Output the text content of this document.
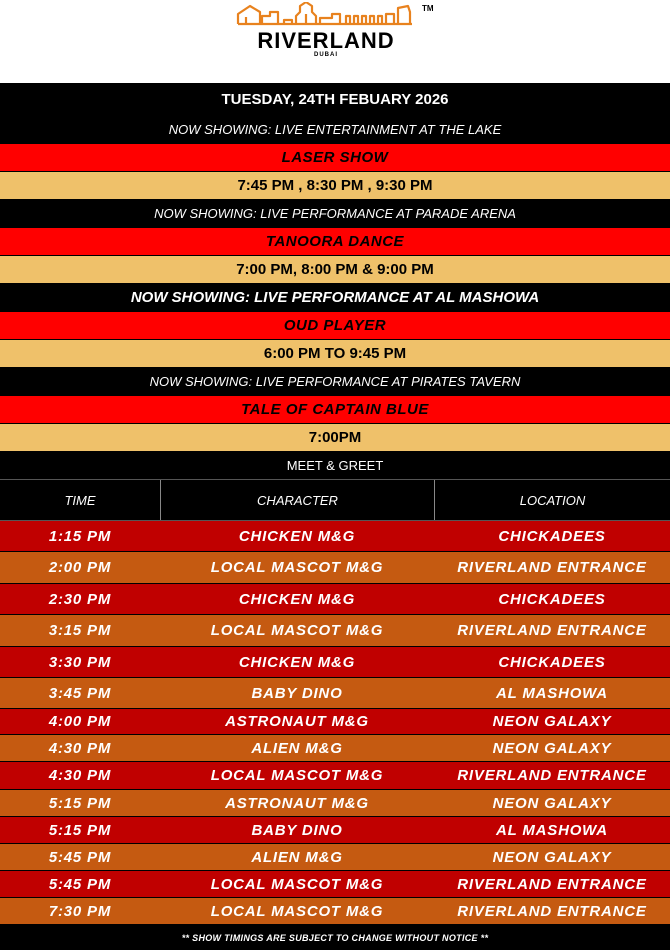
RIVERLAND
DUBAI
TM
TUESDAY, 24TH FEBUARY 2026
NOW SHOWING: LIVE ENTERTAINMENT AT THE LAKE
LASER SHOW
7:45 PM , 8:30 PM , 9:30 PM
NOW SHOWING: LIVE PERFORMANCE AT PARADE ARENA
TANOORA DANCE
7:00 PM, 8:00 PM & 9:00 PM
NOW SHOWING: LIVE PERFORMANCE AT AL MASHOWA
OUD PLAYER
6:00 PM TO 9:45 PM
NOW SHOWING: LIVE PERFORMANCE AT PIRATES TAVERN
TALE OF CAPTAIN BLUE
7:00PM
MEET & GREET
TIME	CHARACTER	LOCATION
1:15 PM	CHICKEN M&G	CHICKADEES
2:00 PM	LOCAL MASCOT M&G	RIVERLAND ENTRANCE
2:30 PM	CHICKEN M&G	CHICKADEES
3:15 PM	LOCAL MASCOT M&G	RIVERLAND ENTRANCE
3:30 PM	CHICKEN M&G	CHICKADEES
3:45 PM	BABY DINO	AL MASHOWA
4:00 PM	ASTRONAUT M&G	NEON GALAXY
4:30 PM	ALIEN M&G	NEON GALAXY
4:30 PM	LOCAL MASCOT M&G	RIVERLAND ENTRANCE
5:15 PM	ASTRONAUT M&G	NEON GALAXY
5:15 PM	BABY DINO	AL MASHOWA
5:45 PM	ALIEN M&G	NEON GALAXY
5:45 PM	LOCAL MASCOT M&G	RIVERLAND ENTRANCE
7:30 PM	LOCAL MASCOT M&G	RIVERLAND ENTRANCE
** SHOW TIMINGS ARE SUBJECT TO CHANGE WITHOUT NOTICE **
